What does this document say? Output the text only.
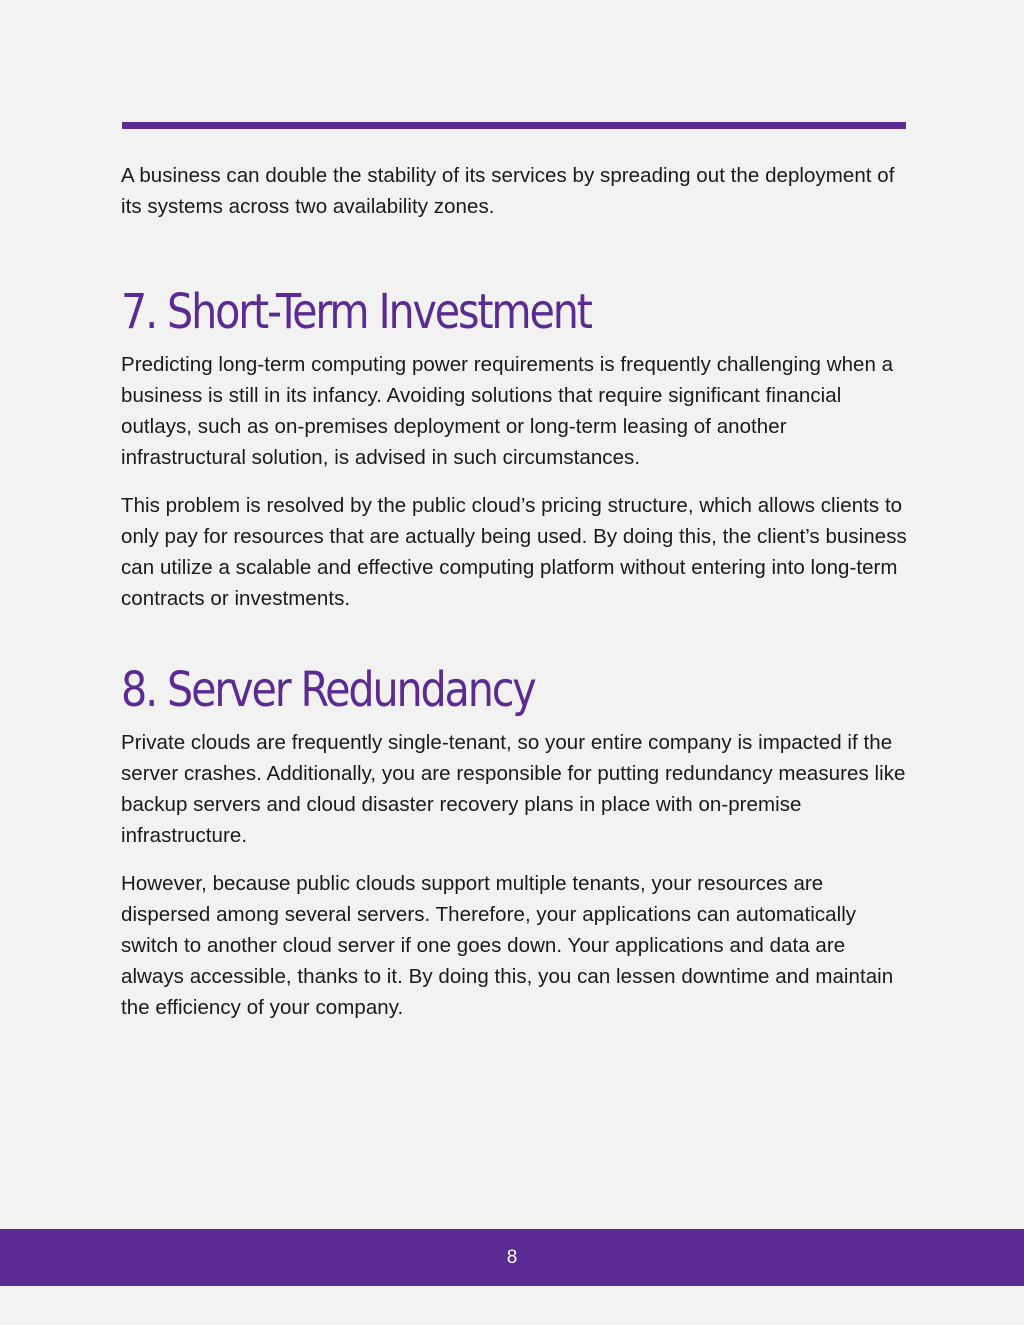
A business can double the stability of its services by spreading out the deployment of its systems across two availability zones.

7. Short-Term Investment

Predicting long-term computing power requirements is frequently challenging when a business is still in its infancy. Avoiding solutions that require significant financial outlays, such as on-premises deployment or long-term leasing of another infrastructural solution, is advised in such circumstances.

This problem is resolved by the public cloud’s pricing structure, which allows clients to only pay for resources that are actually being used. By doing this, the client’s business can utilize a scalable and effective computing platform without entering into long-term contracts or investments.

8. Server Redundancy

Private clouds are frequently single-tenant, so your entire company is impacted if the server crashes. Additionally, you are responsible for putting redundancy measures like backup servers and cloud disaster recovery plans in place with on-premise infrastructure.

However, because public clouds support multiple tenants, your resources are dispersed among several servers. Therefore, your applications can automatically switch to another cloud server if one goes down. Your applications and data are always accessible, thanks to it. By doing this, you can lessen downtime and maintain the efficiency of your company.

8
